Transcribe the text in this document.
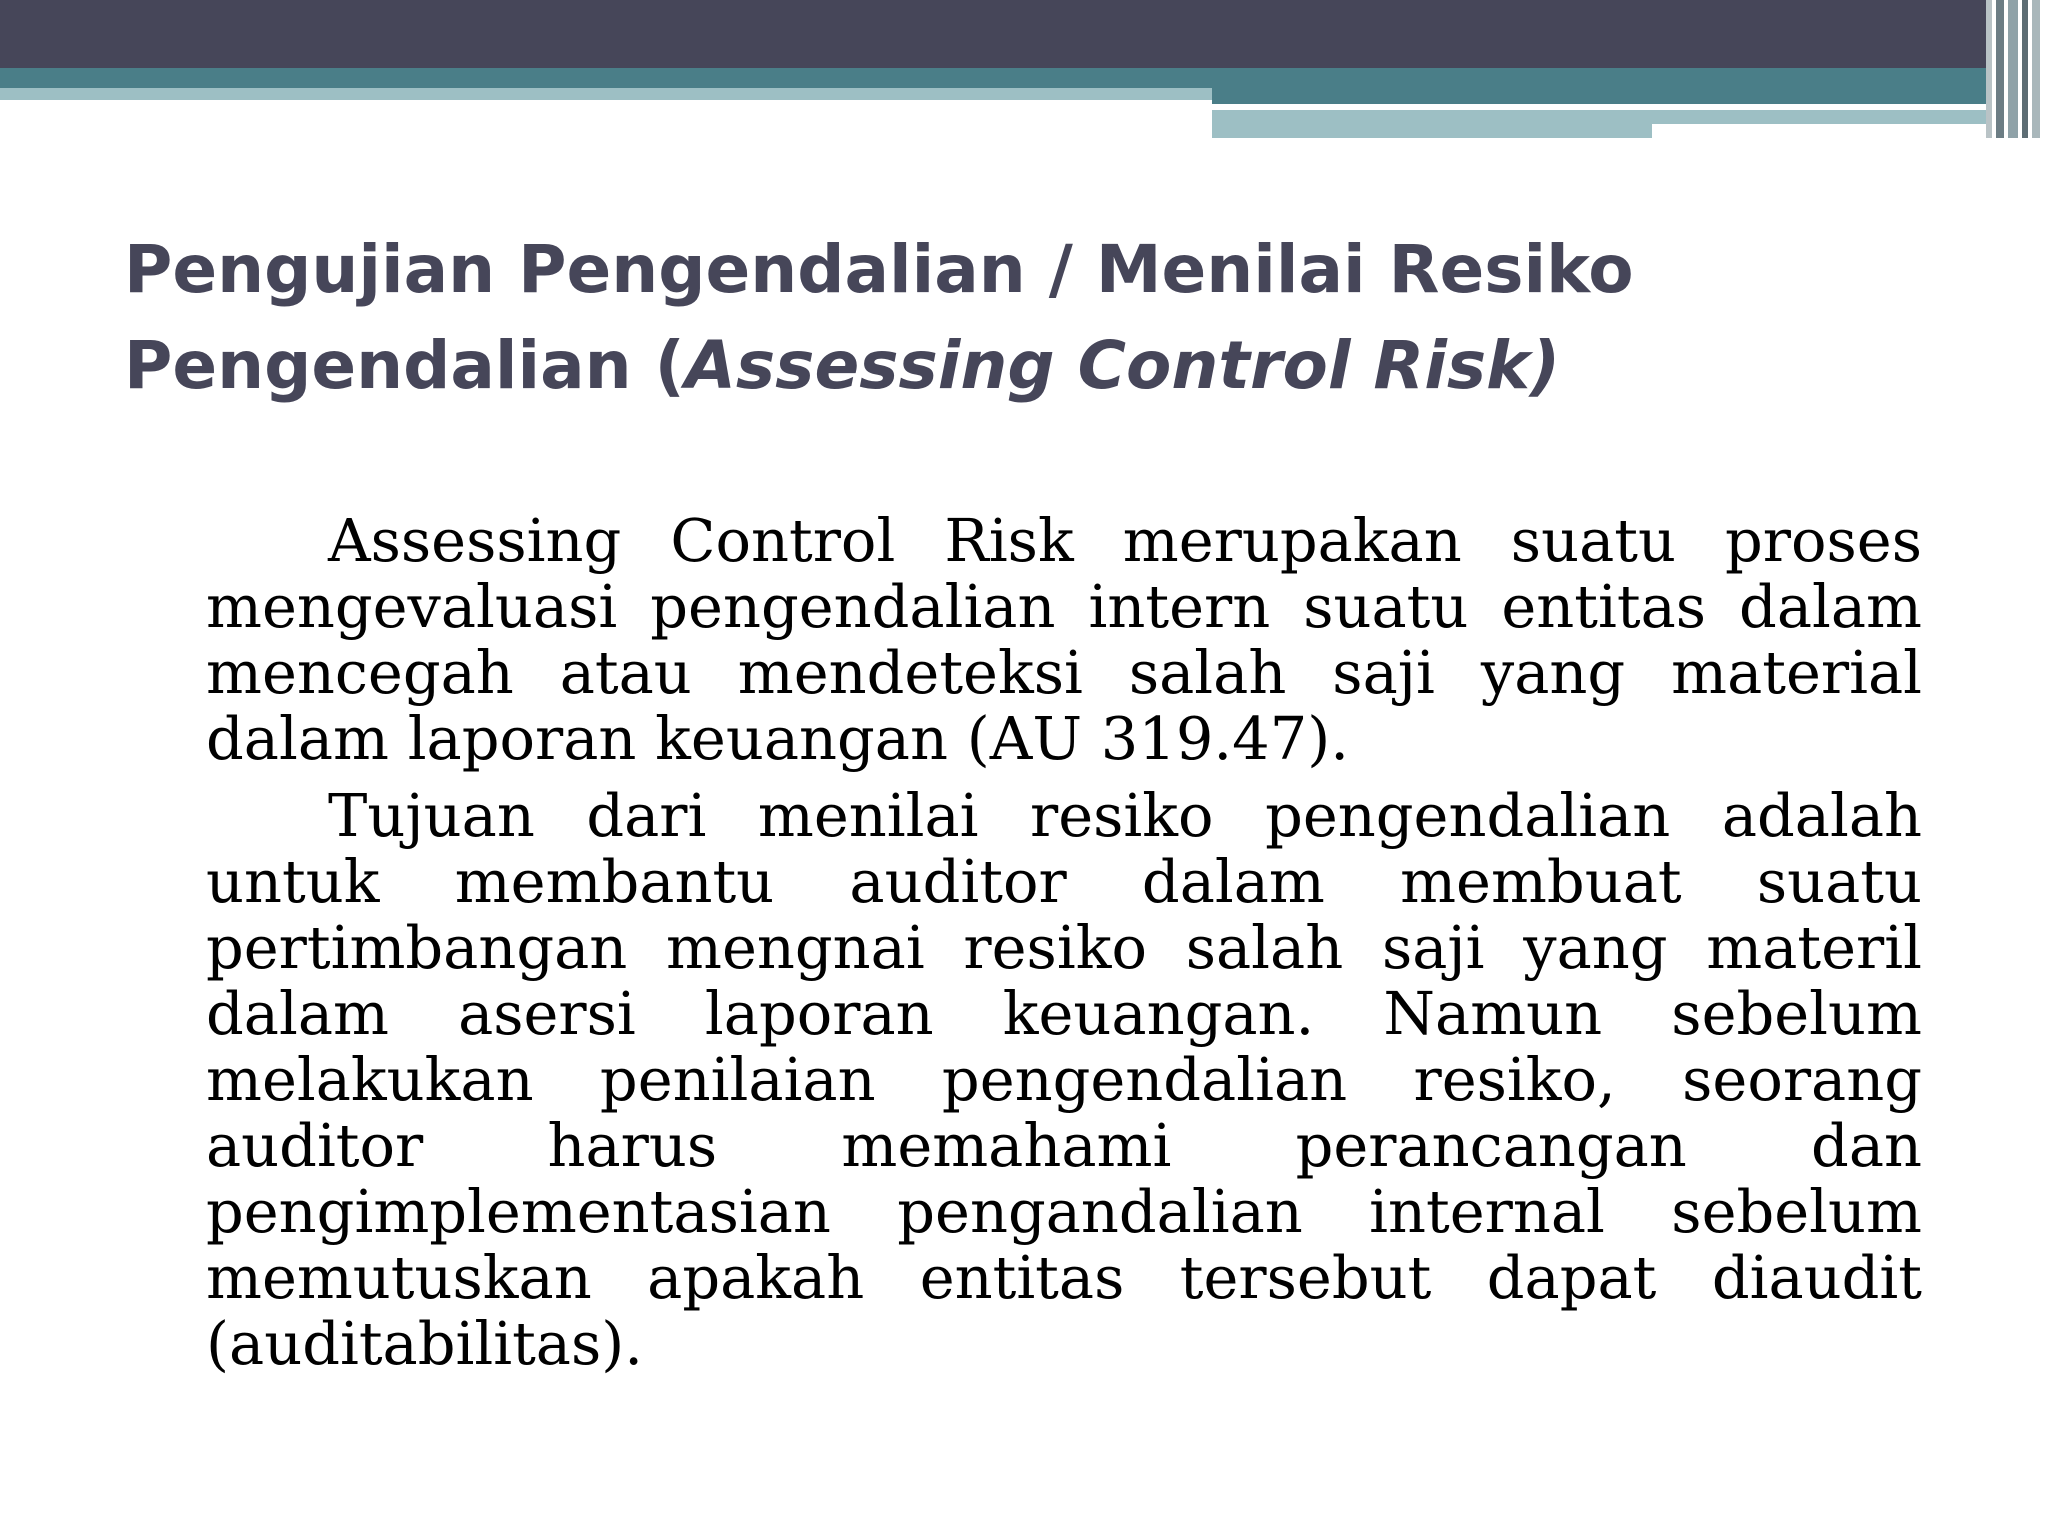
Pengujian Pengendalian / Menilai Resiko
Pengendalian (Assessing Control Risk)

Assessing Control Risk merupakan suatu proses mengevaluasi pengendalian intern suatu entitas dalam mencegah atau mendeteksi salah saji yang material dalam laporan keuangan (AU 319.47).

Tujuan dari menilai resiko pengendalian adalah untuk membantu auditor dalam membuat suatu pertimbangan mengnai resiko salah saji yang materil dalam asersi laporan keuangan. Namun sebelum melakukan penilaian pengendalian resiko, seorang auditor harus memahami perancangan dan pengimplementasian pengandalian internal sebelum memutuskan apakah entitas tersebut dapat diaudit (auditabilitas).
